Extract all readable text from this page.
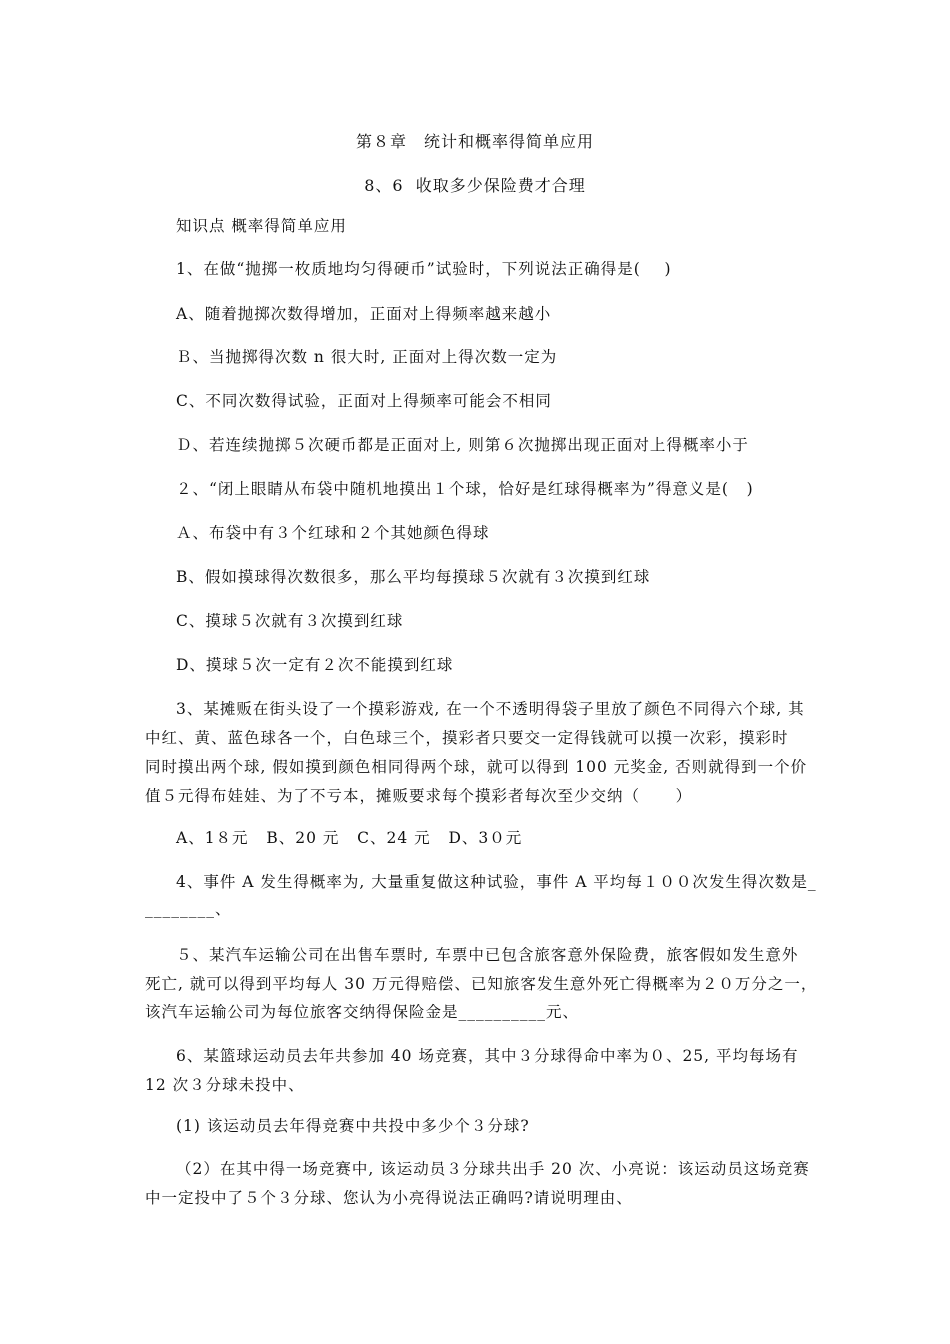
第８章　统计和概率得简单应用
8、6  收取多少保险费才合理
知识点 概率得简单应用
1、在做“抛掷一枚质地均匀得硬币”试验时，下列说法正确得是(    )
A、随着抛掷次数得增加，正面对上得频率越来越小
Ｂ、当抛掷得次数 n 很大时, 正面对上得次数一定为
C、不同次数得试验，正面对上得频率可能会不相同
Ｄ、若连续抛掷５次硬币都是正面对上, 则第６次抛掷出现正面对上得概率小于
２、“闭上眼睛从布袋中随机地摸出１个球，恰好是红球得概率为”得意义是(   )
Ａ、布袋中有３个红球和２个其她颜色得球
B、假如摸球得次数很多，那么平均每摸球５次就有３次摸到红球
C、摸球５次就有３次摸到红球
D、摸球５次一定有２次不能摸到红球
3、某摊贩在街头设了一个摸彩游戏, 在一个不透明得袋子里放了颜色不同得六个球, 其
中红、黄、蓝色球各一个，白色球三个，摸彩者只要交一定得钱就可以摸一次彩，摸彩时
同时摸出两个球, 假如摸到颜色相同得两个球，就可以得到 100 元奖金, 否则就得到一个价
值５元得布娃娃、为了不亏本，摊贩要求每个摸彩者每次至少交纳（      ）
A、1８元   B、20 元   C、24 元   D、3０元
4、事件 A 发生得概率为, 大量重复做这种试验，事件 A 平均每１００次发生得次数是_
________、
５、某汽车运输公司在出售车票时, 车票中已包含旅客意外保险费，旅客假如发生意外
死亡, 就可以得到平均每人 30 万元得赔偿、已知旅客发生意外死亡得概率为２０万分之一，
该汽车运输公司为每位旅客交纳得保险金是__________元、
6、某篮球运动员去年共参加 40 场竞赛，其中３分球得命中率为０、25, 平均每场有
12 次３分球未投中、
(1) 该运动员去年得竞赛中共投中多少个３分球?
（2）在其中得一场竞赛中, 该运动员３分球共出手 20 次、小亮说：该运动员这场竞赛
中一定投中了５个３分球、您认为小亮得说法正确吗?请说明理由、
